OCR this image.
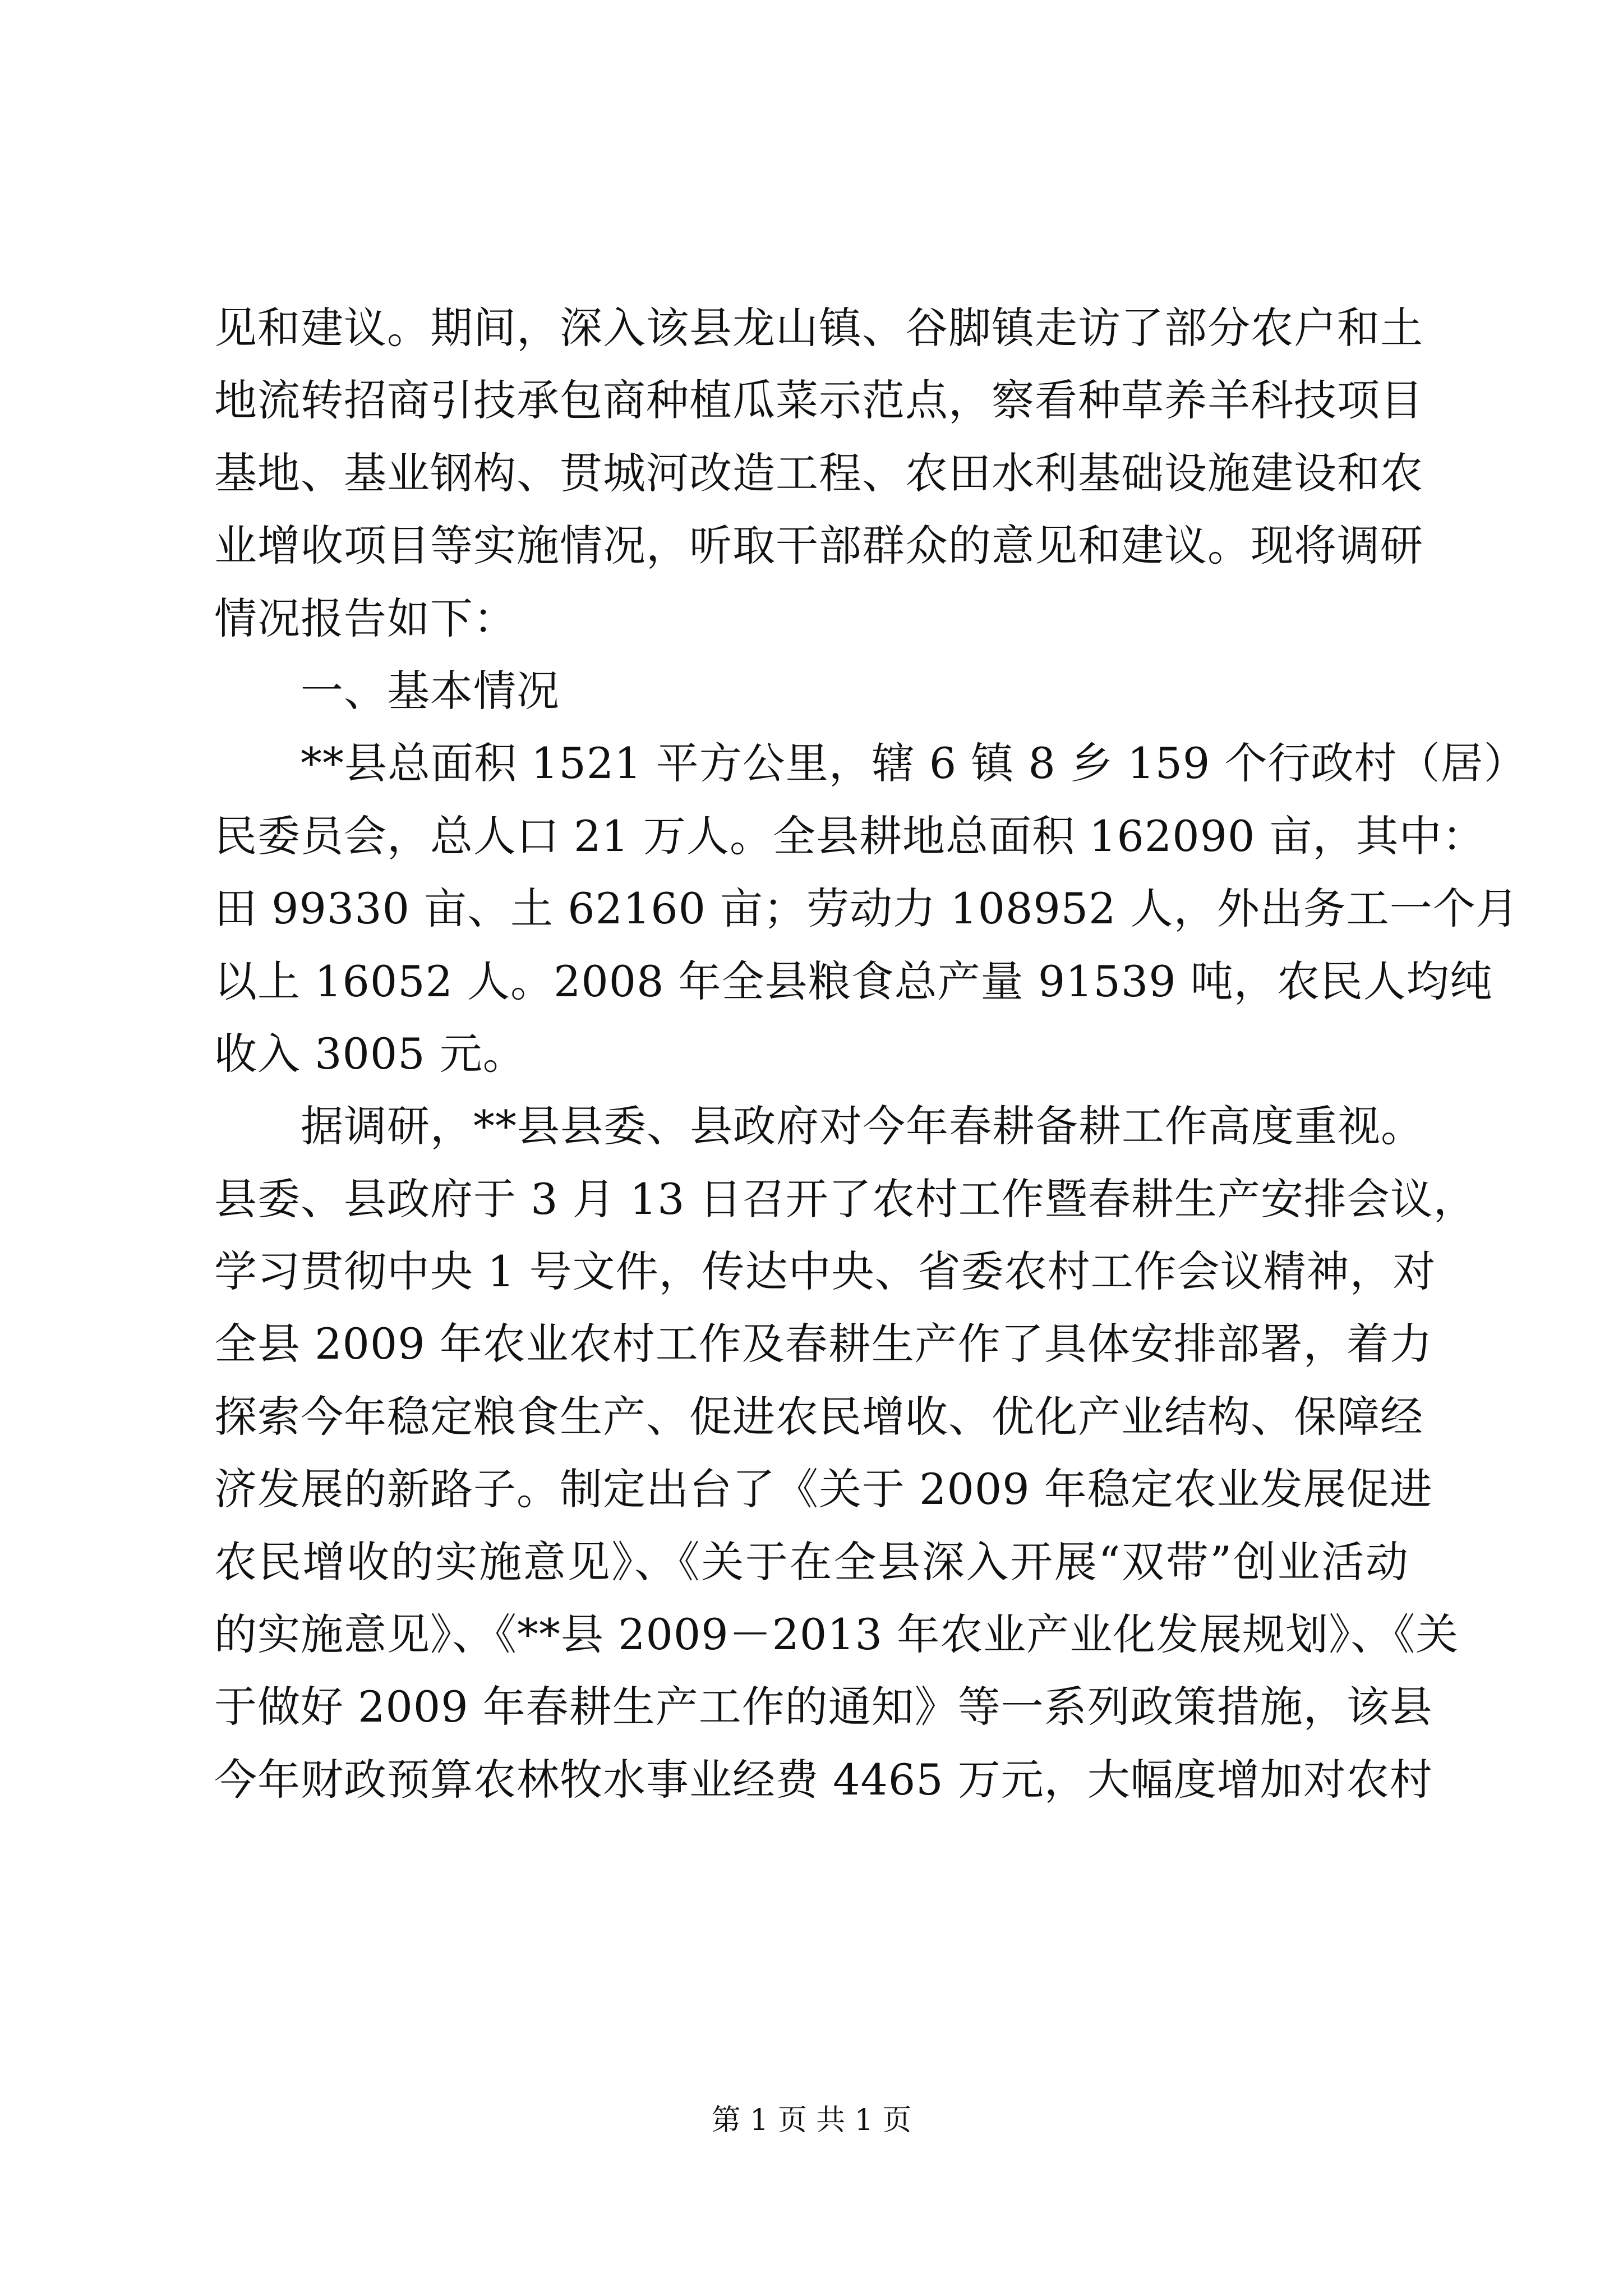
见和建议。期间，深入该县龙山镇、谷脚镇走访了部分农户和土
地流转招商引技承包商种植瓜菜示范点，察看种草养羊科技项目
基地、基业钢构、贯城河改造工程、农田水利基础设施建设和农
业增收项目等实施情况，听取干部群众的意见和建议。现将调研
情况报告如下：
一、基本情况
**县总面积 1521 平方公里，辖 6 镇 8 乡 159 个行政村（居）
民委员会，总人口 21 万人。全县耕地总面积 162090 亩，其中：
田 99330 亩、土 62160 亩；劳动力 108952 人，外出务工一个月
以上 16052 人。2008 年全县粮食总产量 91539 吨，农民人均纯
收入 3005 元。
据调研，**县县委、县政府对今年春耕备耕工作高度重视。
县委、县政府于 3 月 13 日召开了农村工作暨春耕生产安排会议，
学习贯彻中央 1 号文件，传达中央、省委农村工作会议精神，对
全县 2009 年农业农村工作及春耕生产作了具体安排部署，着力
探索今年稳定粮食生产、促进农民增收、优化产业结构、保障经
济发展的新路子。制定出台了《关于 2009 年稳定农业发展促进
农民增收的实施意见》、《关于在全县深入开展“双带”创业活动
的实施意见》、《**县 2009－2013 年农业产业化发展规划》、《关
于做好 2009 年春耕生产工作的通知》等一系列政策措施，该县
今年财政预算农林牧水事业经费 4465 万元，大幅度增加对农村
第 1 页 共 1 页
